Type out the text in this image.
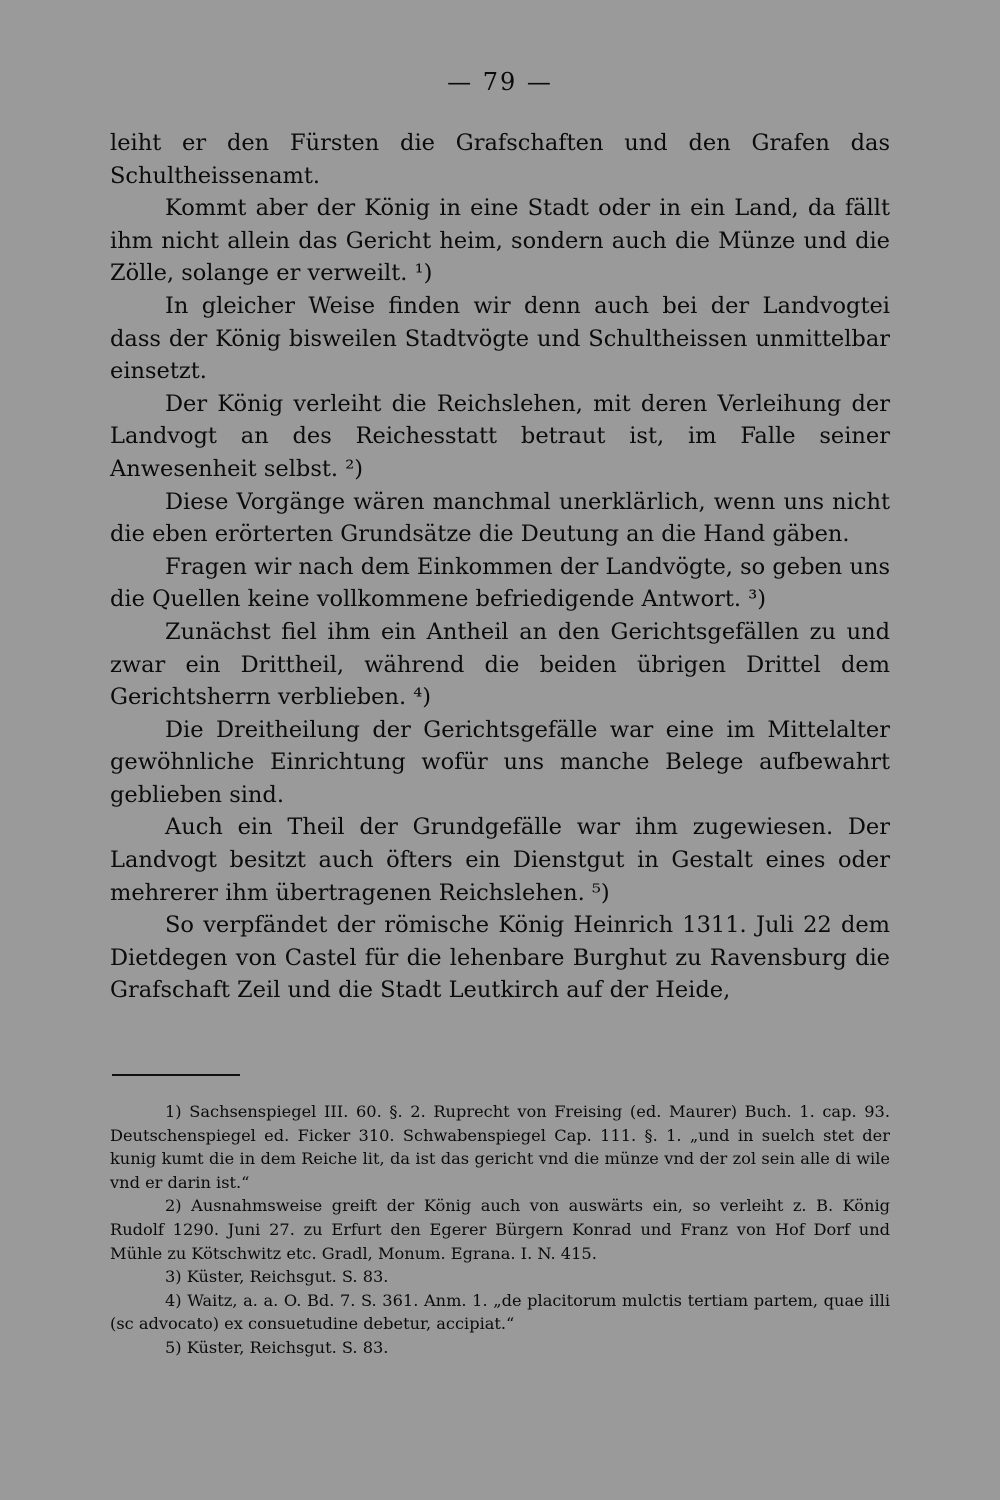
— 79 —

leiht er den Fürsten die Grafschaften und den Grafen das Schultheissenamt.

Kommt aber der König in eine Stadt oder in ein Land, da fällt ihm nicht allein das Gericht heim, sondern auch die Münze und die Zölle, solange er verweilt. ¹)

In gleicher Weise finden wir denn auch bei der Landvogtei dass der König bisweilen Stadtvögte und Schultheissen unmittelbar einsetzt.

Der König verleiht die Reichslehen, mit deren Verleihung der Landvogt an des Reichesstatt betraut ist, im Falle seiner Anwesenheit selbst. ²)

Diese Vorgänge wären manchmal unerklärlich, wenn uns nicht die eben erörterten Grundsätze die Deutung an die Hand gäben.

Fragen wir nach dem Einkommen der Landvögte, so geben uns die Quellen keine vollkommene befriedigende Antwort. ³)

Zunächst fiel ihm ein Antheil an den Gerichtsgefällen zu und zwar ein Drittheil, während die beiden übrigen Drittel dem Gerichtsherrn verblieben. ⁴)

Die Dreitheilung der Gerichtsgefälle war eine im Mittelalter gewöhnliche Einrichtung wofür uns manche Belege aufbewahrt geblieben sind.

Auch ein Theil der Grundgefälle war ihm zugewiesen. Der Landvogt besitzt auch öfters ein Dienstgut in Gestalt eines oder mehrerer ihm übertragenen Reichslehen. ⁵)

So verpfändet der römische König Heinrich 1311. Juli 22 dem Dietdegen von Castel für die lehenbare Burghut zu Ravensburg die Grafschaft Zeil und die Stadt Leutkirch auf der Heide,

1) Sachsenspiegel III. 60. §. 2. Ruprecht von Freising (ed. Maurer) Buch. 1. cap. 93. Deutschenspiegel ed. Ficker 310. Schwabenspiegel Cap. 111. §. 1. „und in suelch stet der kunig kumt die in dem Reiche lit, da ist das gericht vnd die münze vnd der zol sein alle di wile vnd er darin ist.“

2) Ausnahmsweise greift der König auch von auswärts ein, so verleiht z. B. König Rudolf 1290. Juni 27. zu Erfurt den Egerer Bürgern Konrad und Franz von Hof Dorf und Mühle zu Kötschwitz etc. Gradl, Monum. Egrana. I. N. 415.

3) Küster, Reichsgut. S. 83.

4) Waitz, a. a. O. Bd. 7. S. 361. Anm. 1. „de placitorum mulctis tertiam partem, quae illi (sc advocato) ex consuetudine debetur, accipiat.“

5) Küster, Reichsgut. S. 83.
